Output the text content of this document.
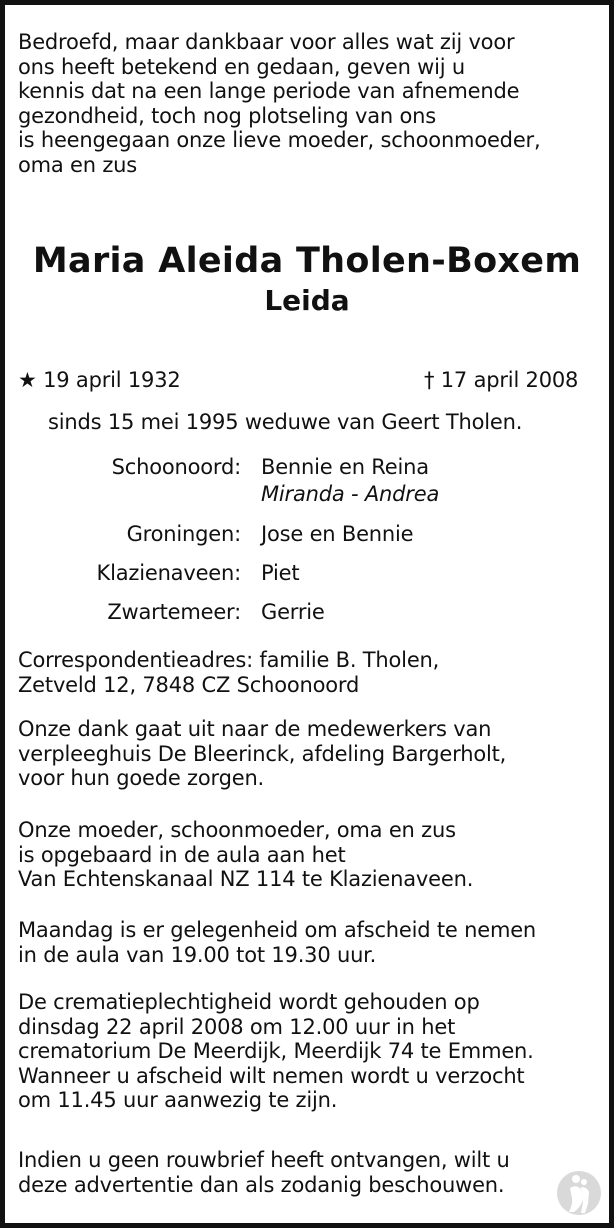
Bedroefd, maar dankbaar voor alles wat zij voor
ons heeft betekend en gedaan, geven wij u
kennis dat na een lange periode van afnemende
gezondheid, toch nog plotseling van ons
is heengegaan onze lieve moeder, schoonmoeder,
oma en zus
Maria Aleida Tholen-Boxem
Leida
★ 19 april 1932	† 17 april 2008
sinds 15 mei 1995 weduwe van Geert Tholen.
Schoonoord: Bennie en Reina
Miranda - Andrea
Groningen: Jose en Bennie
Klazienaveen: Piet
Zwartemeer: Gerrie
Correspondentieadres: familie B. Tholen,
Zetveld 12, 7848 CZ Schoonoord
Onze dank gaat uit naar de medewerkers van
verpleeghuis De Bleerinck, afdeling Bargerholt,
voor hun goede zorgen.
Onze moeder, schoonmoeder, oma en zus
is opgebaard in de aula aan het
Van Echtenskanaal NZ 114 te Klazienaveen.
Maandag is er gelegenheid om afscheid te nemen
in de aula van 19.00 tot 19.30 uur.
De crematieplechtigheid wordt gehouden op
dinsdag 22 april 2008 om 12.00 uur in het
crematorium De Meerdijk, Meerdijk 74 te Emmen.
Wanneer u afscheid wilt nemen wordt u verzocht
om 11.45 uur aanwezig te zijn.
Indien u geen rouwbrief heeft ontvangen, wilt u
deze advertentie dan als zodanig beschouwen.
